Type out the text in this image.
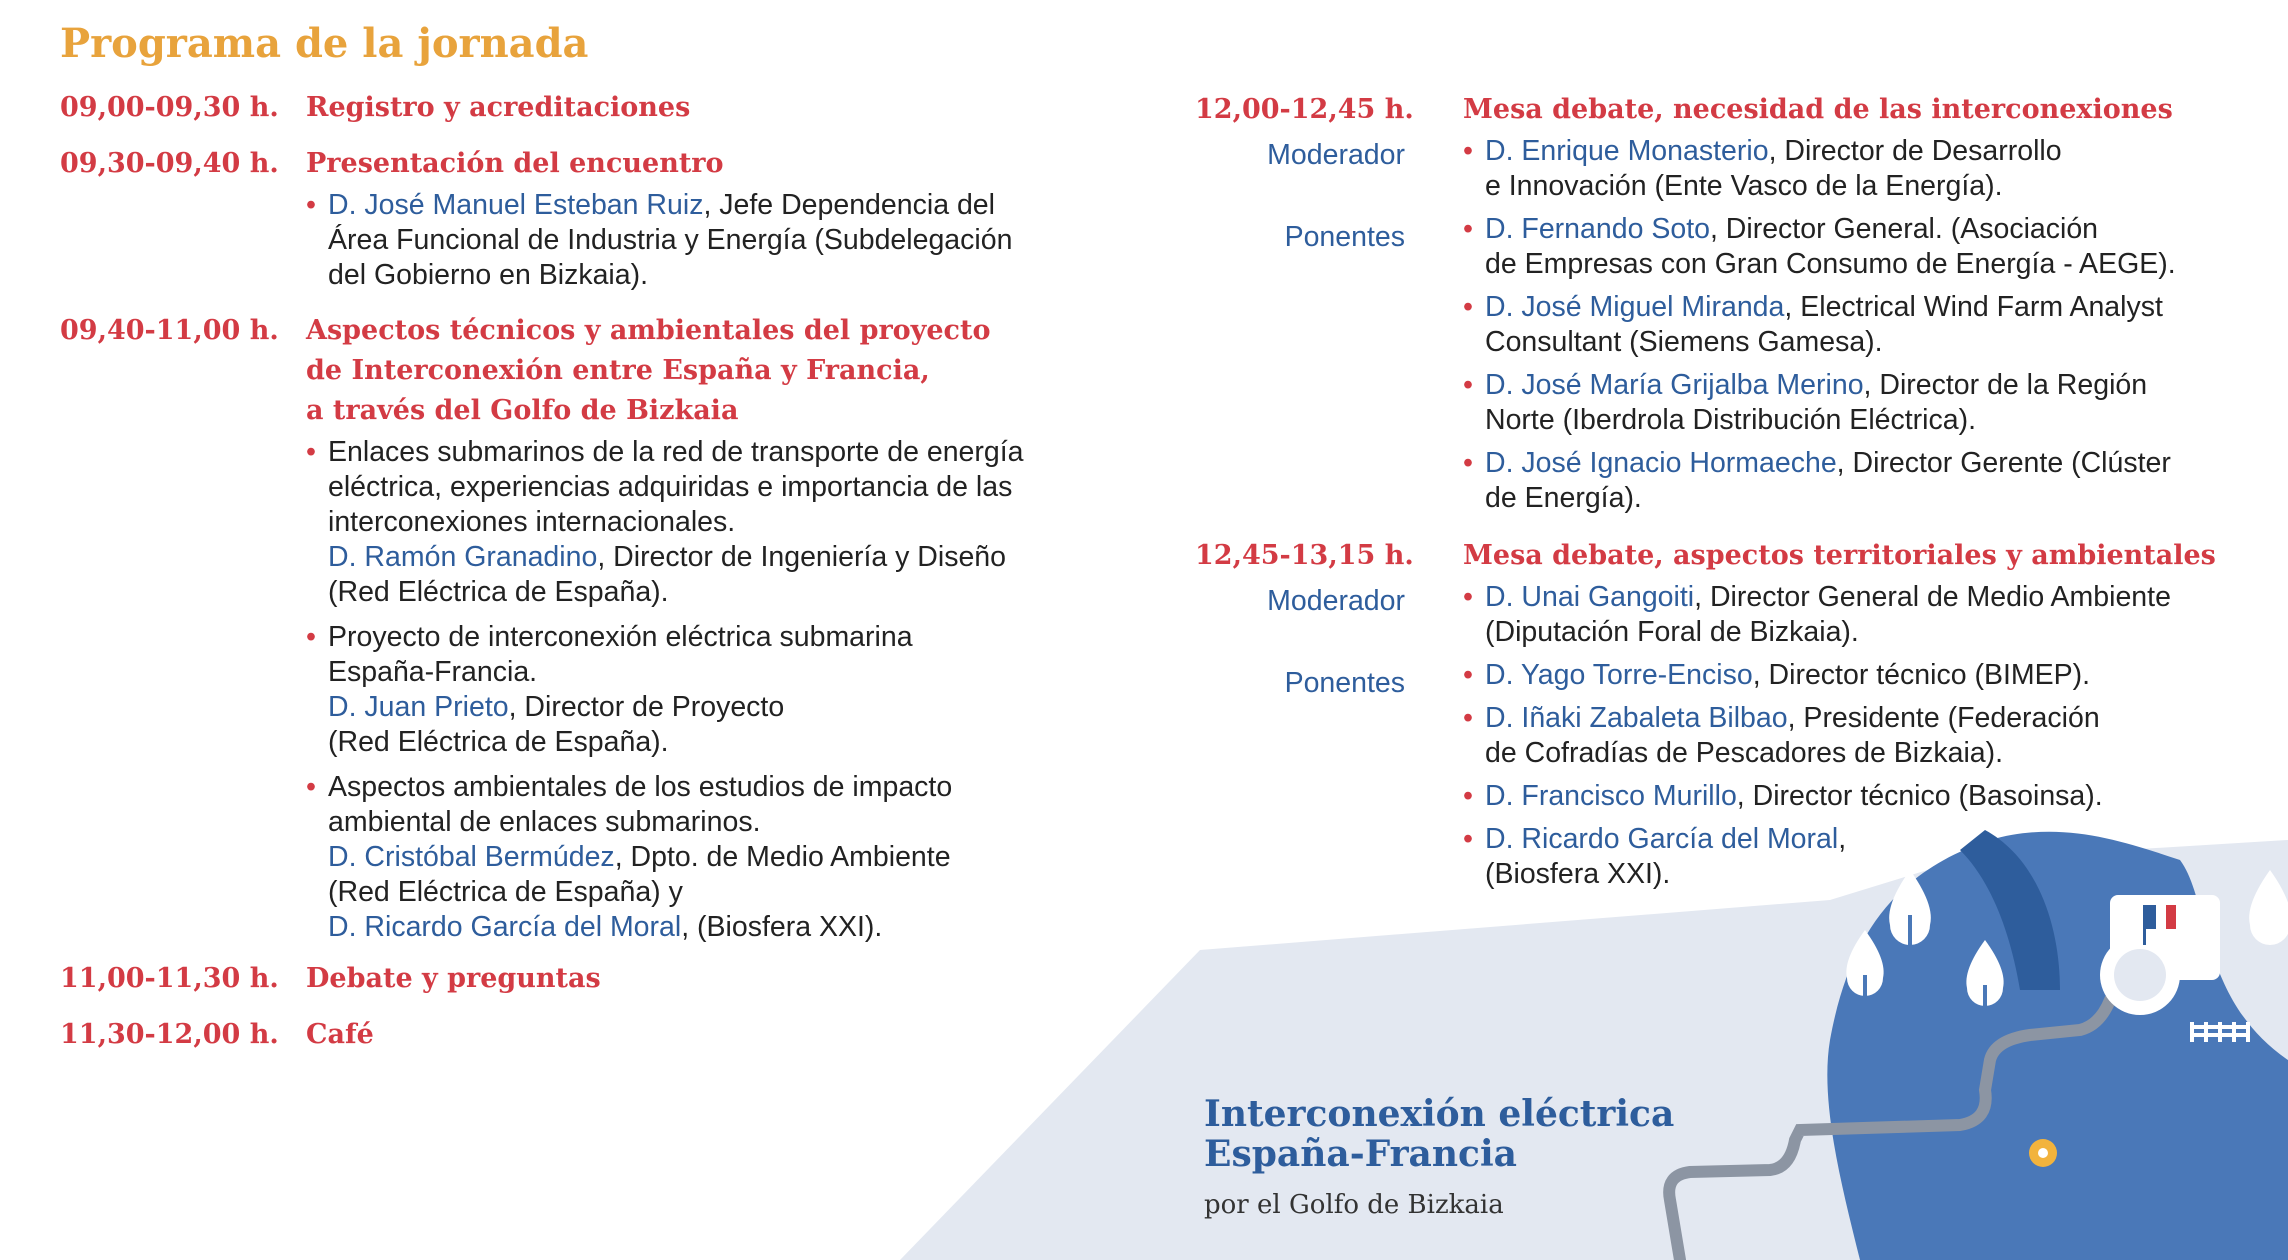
Programa de la jornada
09,00-09,30 h.	Registro y acreditaciones
09,30-09,40 h.	Presentación del encuentro
• D. José Manuel Esteban Ruiz, Jefe Dependencia del
Área Funcional de Industria y Energía (Subdelegación
del Gobierno en Bizkaia).
09,40-11,00 h.	Aspectos técnicos y ambientales del proyecto
de Interconexión entre España y Francia,
a través del Golfo de Bizkaia
• Enlaces submarinos de la red de transporte de energía
eléctrica, experiencias adquiridas e importancia de las
interconexiones internacionales.
D. Ramón Granadino, Director de Ingeniería y Diseño
(Red Eléctrica de España).
• Proyecto de interconexión eléctrica submarina
España-Francia.
D. Juan Prieto, Director de Proyecto
(Red Eléctrica de España).
• Aspectos ambientales de los estudios de impacto
ambiental de enlaces submarinos.
D. Cristóbal Bermúdez, Dpto. de Medio Ambiente
(Red Eléctrica de España) y
D. Ricardo García del Moral, (Biosfera XXI).
11,00-11,30 h.	Debate y preguntas
11,30-12,00 h.	Café
12,00-12,45 h.	Mesa debate, necesidad de las interconexiones
Moderador	• D. Enrique Monasterio, Director de Desarrollo
e Innovación (Ente Vasco de la Energía).
Ponentes	• D. Fernando Soto, Director General. (Asociación
de Empresas con Gran Consumo de Energía - AEGE).
• D. José Miguel Miranda, Electrical Wind Farm Analyst
Consultant (Siemens Gamesa).
• D. José María Grijalba Merino, Director de la Región
Norte (Iberdrola Distribución Eléctrica).
• D. José Ignacio Hormaeche, Director Gerente (Clúster
de Energía).
12,45-13,15 h.	Mesa debate, aspectos territoriales y ambientales
Moderador	• D. Unai Gangoiti, Director General de Medio Ambiente
(Diputación Foral de Bizkaia).
Ponentes	• D. Yago Torre-Enciso, Director técnico (BIMEP).
• D. Iñaki Zabaleta Bilbao, Presidente (Federación
de Cofradías de Pescadores de Bizkaia).
• D. Francisco Murillo, Director técnico (Basoinsa).
• D. Ricardo García del Moral,
(Biosfera XXI).
Interconexión eléctrica
España-Francia
por el Golfo de Bizkaia
